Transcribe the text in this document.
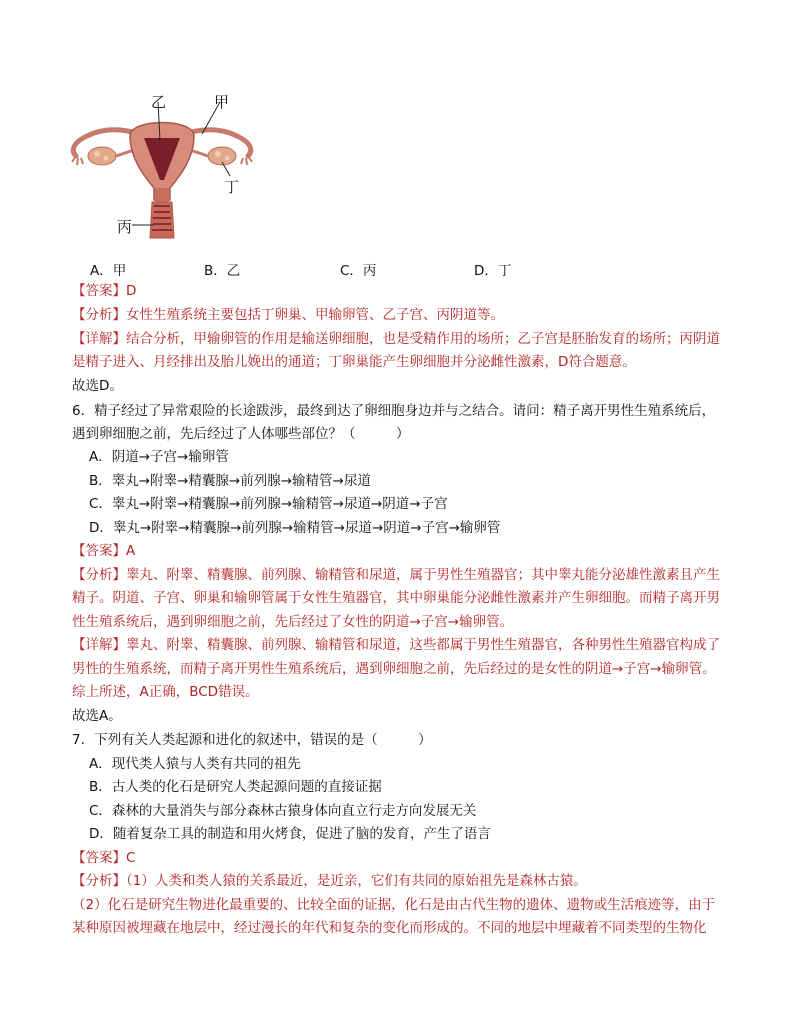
乙	甲
丁
丙
A．甲	B．乙	C．丙	D．丁
【答案】D
【分析】女性生殖系统主要包括丁卵巢、甲输卵管、乙子宫、丙阴道等。
【详解】结合分析，甲输卵管的作用是输送卵细胞，也是受精作用的场所；乙子宫是胚胎发育的场所；丙阴道
是精子进入、月经排出及胎儿娩出的通道；丁卵巢能产生卵细胞并分泌雌性激素，D符合题意。
故选D。
6．精子经过了异常艰险的长途跋涉，最终到达了卵细胞身边并与之结合。请问：精子离开男性生殖系统后，
遇到卵细胞之前，先后经过了人体哪些部位？（　　　）
A．阴道→子宫→输卵管
B．睾丸→附睾→精囊腺→前列腺→输精管→尿道
C．睾丸→附睾→精囊腺→前列腺→输精管→尿道→阴道→子宫
D．睾丸→附睾→精囊腺→前列腺→输精管→尿道→阴道→子宫→输卵管
【答案】A
【分析】睾丸、附睾、精囊腺、前列腺、输精管和尿道，属于男性生殖器官；其中睾丸能分泌雄性激素且产生
精子。阴道、子宫、卵巢和输卵管属于女性生殖器官，其中卵巢能分泌雌性激素并产生卵细胞。而精子离开男
性生殖系统后，遇到卵细胞之前，先后经过了女性的阴道→子宫→输卵管。
【详解】睾丸、附睾、精囊腺、前列腺、输精管和尿道，这些都属于男性生殖器官，各种男性生殖器官构成了
男性的生殖系统，而精子离开男性生殖系统后，遇到卵细胞之前，先后经过的是女性的阴道→子宫→输卵管。
综上所述，A正确，BCD错误。
故选A。
7．下列有关人类起源和进化的叙述中，错误的是（　　　）
A．现代类人猿与人类有共同的祖先
B．古人类的化石是研究人类起源问题的直接证据
C．森林的大量消失与部分森林古猿身体向直立行走方向发展无关
D．随着复杂工具的制造和用火烤食，促进了脑的发育，产生了语言
【答案】C
【分析】（1）人类和类人猿的关系最近，是近亲，它们有共同的原始祖先是森林古猿。
（2）化石是研究生物进化最重要的、比较全面的证据，化石是由古代生物的遗体、遗物或生活痕迹等，由于
某种原因被埋藏在地层中，经过漫长的年代和复杂的变化而形成的。不同的地层中埋藏着不同类型的生物化
